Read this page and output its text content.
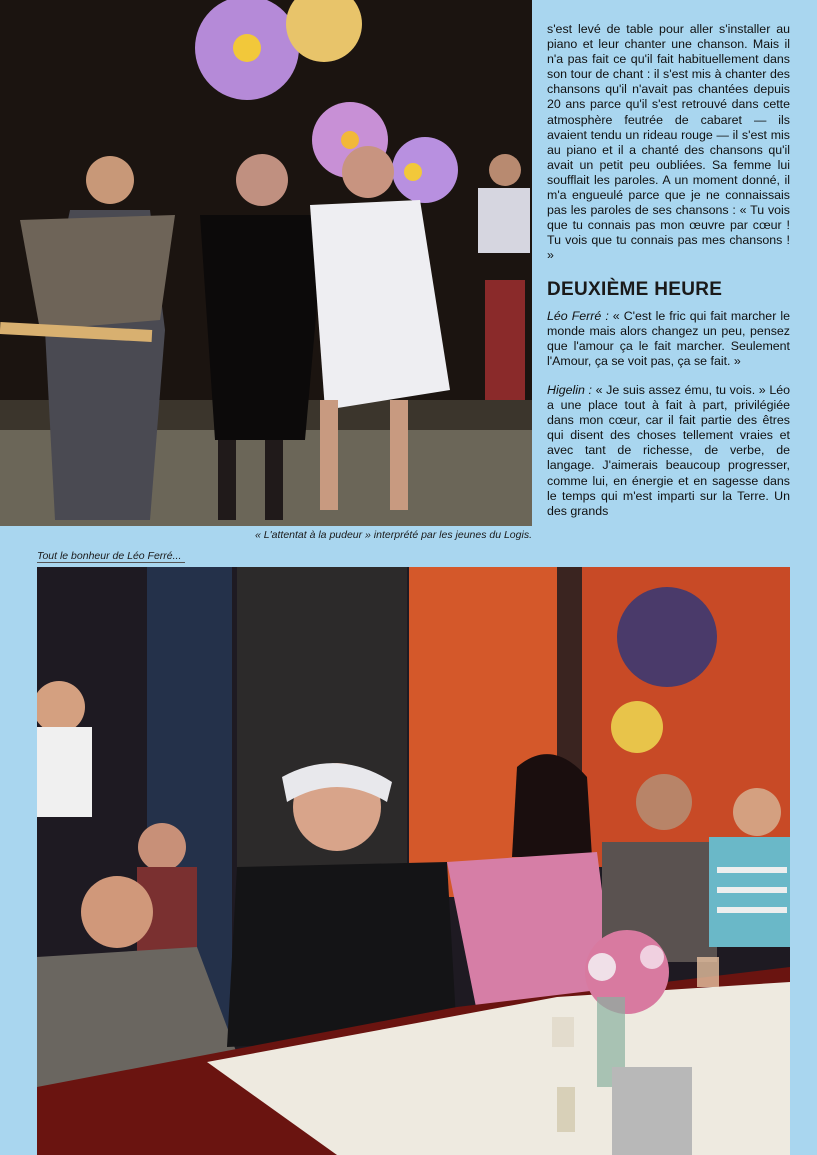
« L'attentat à la pudeur » interprété par les jeunes du Logis.

s'est levé de table pour aller s'installer au piano et leur chanter une chanson. Mais il n'a pas fait ce qu'il fait habituellement dans son tour de chant : il s'est mis à chanter des chansons qu'il n'avait pas chantées depuis 20 ans parce qu'il s'est retrouvé dans cette atmosphère feutrée de cabaret — ils avaient tendu un rideau rouge — il s'est mis au piano et il a chanté des chansons qu'il avait un petit peu oubliées. Sa femme lui soufflait les paroles. A un moment donné, il m'a engueulé parce que je ne connaissais pas les paroles de ses chansons : « Tu vois que tu connais pas mon œuvre par cœur ! Tu vois que tu connais pas mes chansons ! »

DEUXIÈME HEURE

Léo Ferré : « C'est le fric qui fait marcher le monde mais alors changez un peu, pensez que l'amour ça le fait marcher. Seulement l'Amour, ça se voit pas, ça se fait. »

Higelin : « Je suis assez ému, tu vois. » Léo a une place tout à fait à part, privilégiée dans mon cœur, car il fait partie des êtres qui disent des choses tellement vraies et avec tant de richesse, de verbe, de langage. J'aimerais beaucoup progresser, comme lui, en énergie et en sagesse dans le temps qui m'est imparti sur la Terre. Un des grands

Tout le bonheur de Léo Ferré...
